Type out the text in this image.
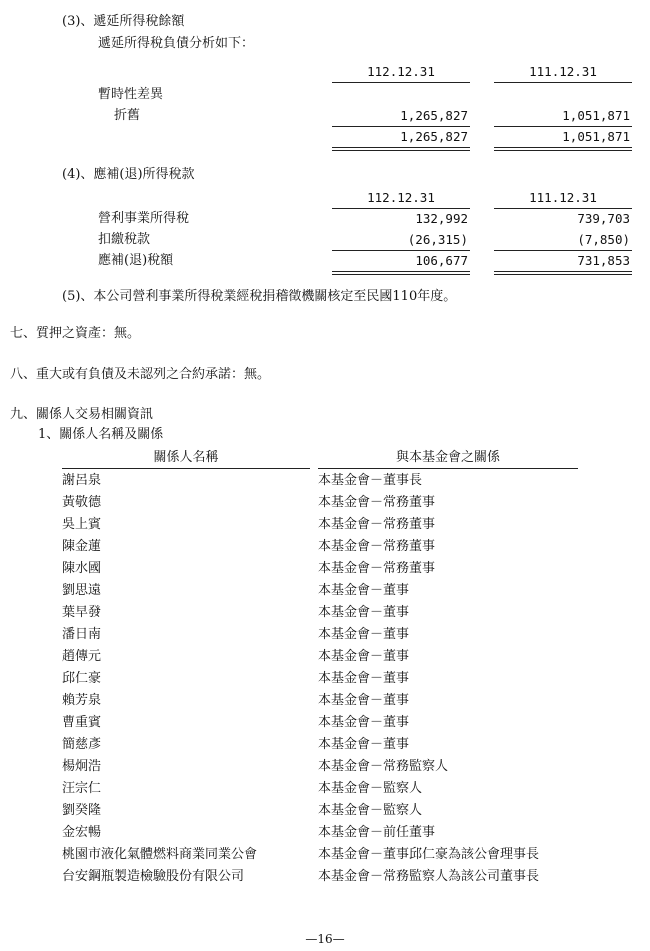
(3)、遞延所得稅餘額
遞延所得稅負債分析如下：
112.12.31	111.12.31
暫時性差異
折舊	1,265,827	1,051,871
1,265,827	1,051,871
(4)、應補(退)所得稅款
112.12.31	111.12.31
營利事業所得稅	132,992	739,703
扣繳稅款	(26,315)	(7,850)
應補(退)稅額	106,677	731,853
(5)、本公司營利事業所得稅業經稅捐稽徵機關核定至民國110年度。
七、質押之資產：無。
八、重大或有負債及未認列之合約承諾：無。
九、關係人交易相關資訊
1、關係人名稱及關係
關係人名稱	與本基金會之關係
謝呂泉	本基金會－董事長
黃敬德	本基金會－常務董事
吳上賓	本基金會－常務董事
陳金蓮	本基金會－常務董事
陳水國	本基金會－常務董事
劉思遠	本基金會－董事
葉早發	本基金會－董事
潘日南	本基金會－董事
趙傳元	本基金會－董事
邱仁豪	本基金會－董事
賴芳泉	本基金會－董事
曹重賓	本基金會－董事
簡慈彥	本基金會－董事
楊炯浩	本基金會－常務監察人
汪宗仁	本基金會－監察人
劉癸隆	本基金會－監察人
金宏暢	本基金會－前任董事
桃園市液化氣體燃料商業同業公會	本基金會－董事邱仁豪為該公會理事長
台安鋼瓶製造檢驗股份有限公司	本基金會－常務監察人為該公司董事長
—16—
